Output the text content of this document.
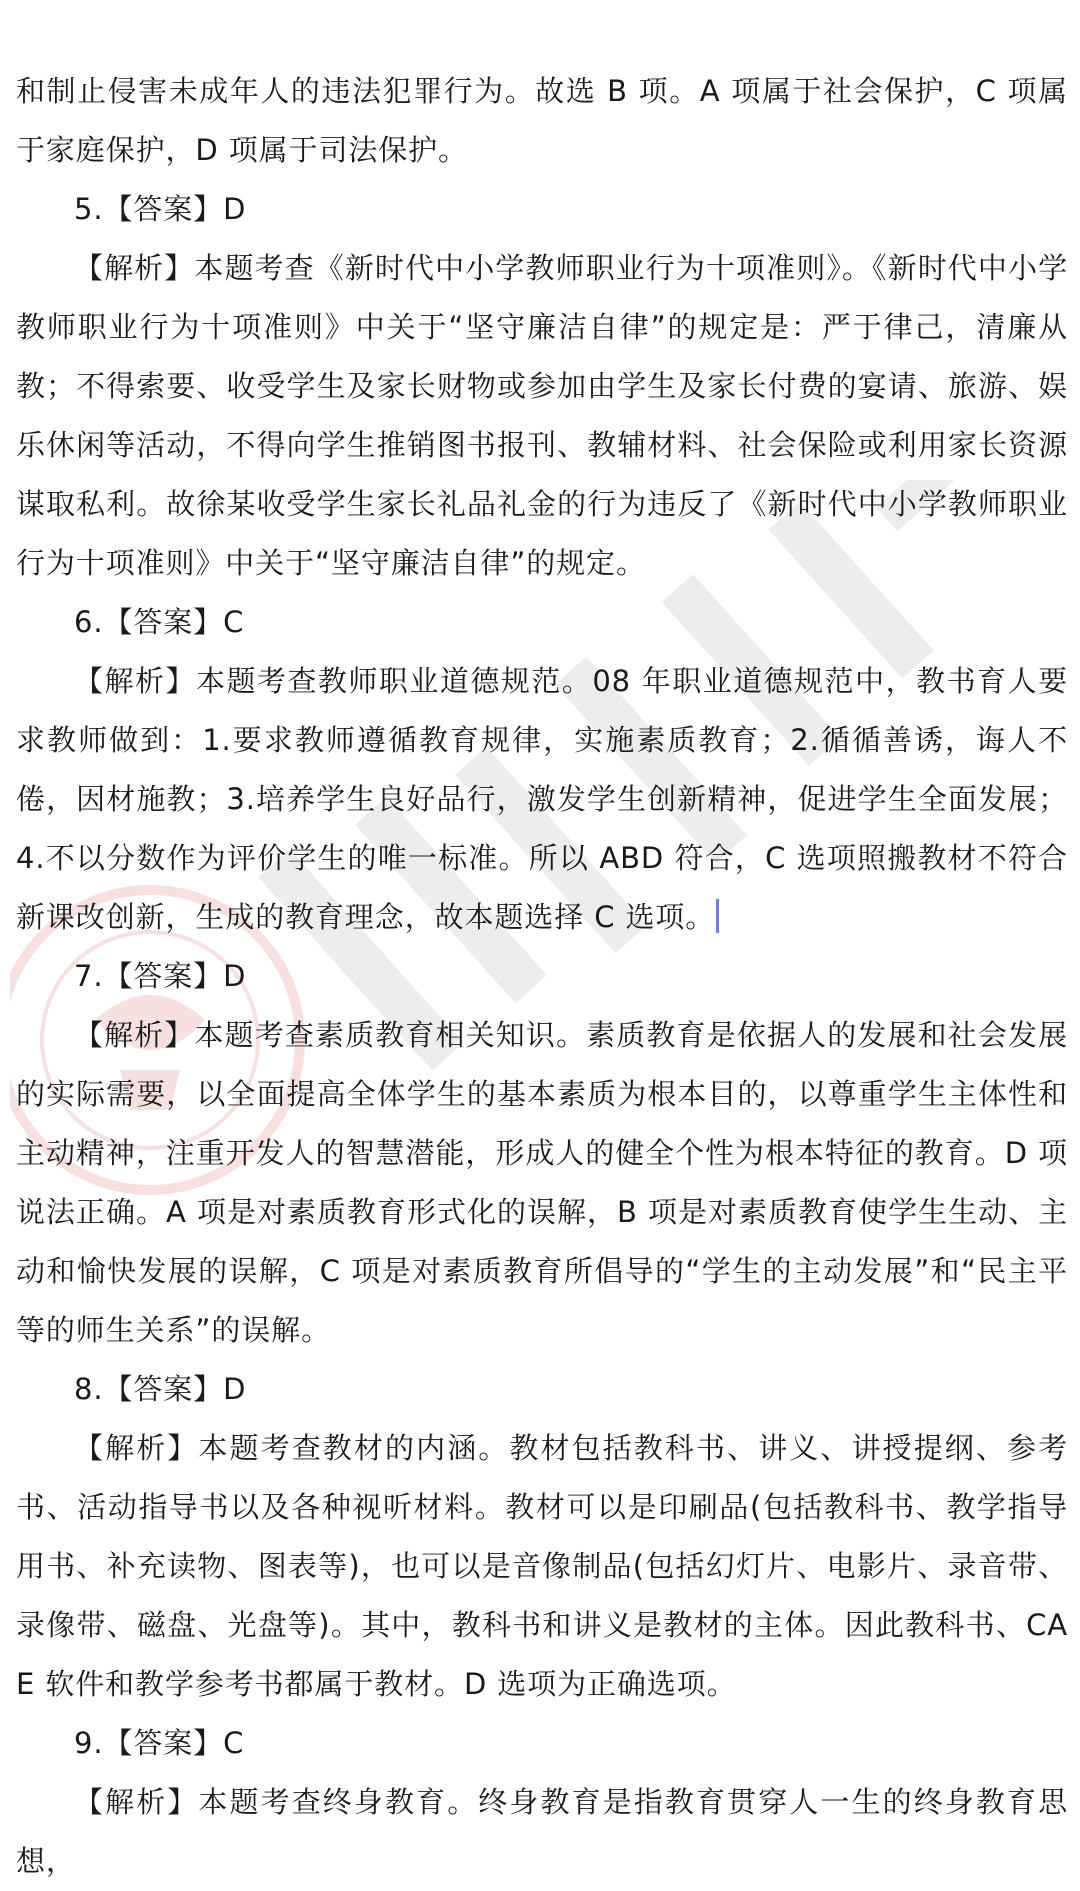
和制止侵害未成年人的违法犯罪行为。故选 B 项。A 项属于社会保护，C 项属于家庭保护，D 项属于司法保护。

5.【答案】D

【解析】本题考查《新时代中小学教师职业行为十项准则》。《新时代中小学教师职业行为十项准则》中关于“坚守廉洁自律”的规定是：严于律己，清廉从教；不得索要、收受学生及家长财物或参加由学生及家长付费的宴请、旅游、娱乐休闲等活动，不得向学生推销图书报刊、教辅材料、社会保险或利用家长资源谋取私利。故徐某收受学生家长礼品礼金的行为违反了《新时代中小学教师职业行为十项准则》中关于“坚守廉洁自律”的规定。

6.【答案】C

【解析】本题考查教师职业道德规范。08 年职业道德规范中，教书育人要求教师做到：1.要求教师遵循教育规律，实施素质教育；2.循循善诱，诲人不倦，因材施教；3.培养学生良好品行，激发学生创新精神，促进学生全面发展；4.不以分数作为评价学生的唯一标准。所以 ABD 符合，C 选项照搬教材不符合新课改创新，生成的教育理念，故本题选择 C 选项。

7.【答案】D

【解析】本题考查素质教育相关知识。素质教育是依据人的发展和社会发展的实际需要，以全面提高全体学生的基本素质为根本目的，以尊重学生主体性和主动精神，注重开发人的智慧潜能，形成人的健全个性为根本特征的教育。D 项说法正确。A 项是对素质教育形式化的误解，B 项是对素质教育使学生生动、主动和愉快发展的误解，C 项是对素质教育所倡导的“学生的主动发展”和“民主平等的师生关系”的误解。

8.【答案】D

【解析】本题考查教材的内涵。教材包括教科书、讲义、讲授提纲、参考书、活动指导书以及各种视听材料。教材可以是印刷品(包括教科书、教学指导用书、补充读物、图表等)，也可以是音像制品(包括幻灯片、电影片、录音带、录像带、磁盘、光盘等)。其中，教科书和讲义是教材的主体。因此教科书、CAE 软件和教学参考书都属于教材。D 选项为正确选项。

9.【答案】C

【解析】本题考查终身教育。终身教育是指教育贯穿人一生的终身教育思想，
